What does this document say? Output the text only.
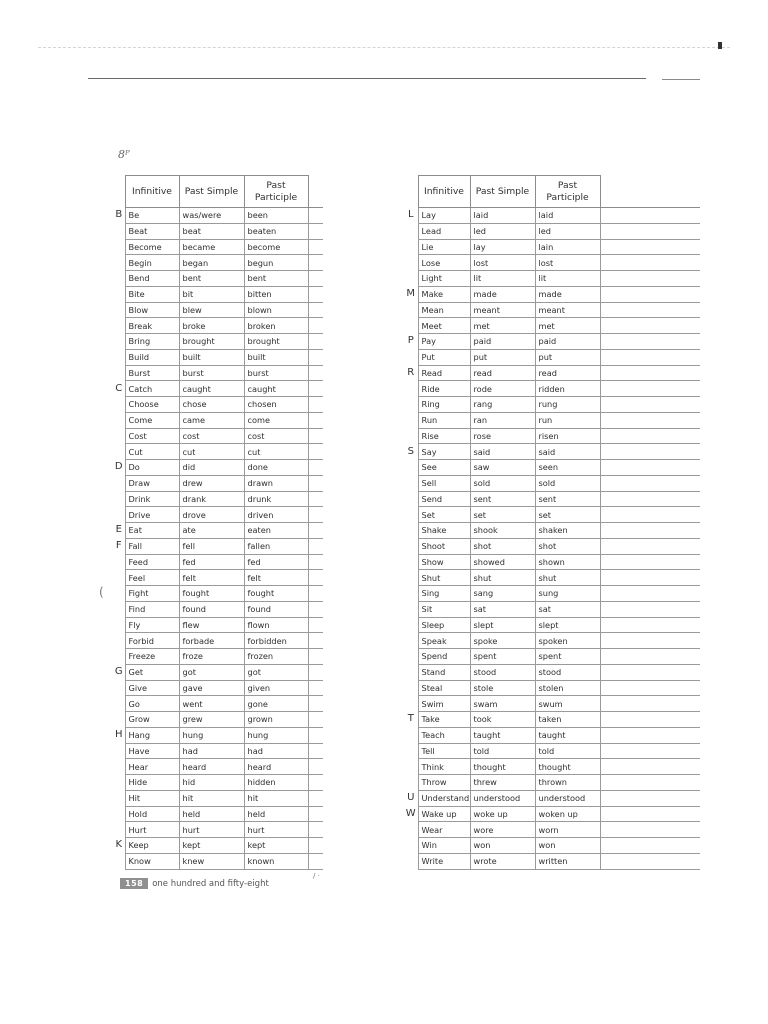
8ᴾ
(
	Infinitive	Past Simple	Past Participle	
B	Be	was/were	been	
	Beat	beat	beaten	
	Become	became	become	
	Begin	began	begun	
	Bend	bent	bent	
	Bite	bit	bitten	
	Blow	blew	blown	
	Break	broke	broken	
	Bring	brought	brought	
	Build	built	built	
	Burst	burst	burst	
C	Catch	caught	caught	
	Choose	chose	chosen	
	Come	came	come	
	Cost	cost	cost	
	Cut	cut	cut	
D	Do	did	done	
	Draw	drew	drawn	
	Drink	drank	drunk	
	Drive	drove	driven	
E	Eat	ate	eaten	
F	Fall	fell	fallen	
	Feed	fed	fed	
	Feel	felt	felt	
	Fight	fought	fought	
	Find	found	found	
	Fly	flew	flown	
	Forbid	forbade	forbidden	
	Freeze	froze	frozen	
G	Get	got	got	
	Give	gave	given	
	Go	went	gone	
	Grow	grew	grown	
H	Hang	hung	hung	
	Have	had	had	
	Hear	heard	heard	
	Hide	hid	hidden	
	Hit	hit	hit	
	Hold	held	held	
	Hurt	hurt	hurt	
K	Keep	kept	kept	
	Know	knew	known	
	Infinitive	Past Simple	Past Participle	
L	Lay	laid	laid	
	Lead	led	led	
	Lie	lay	lain	
	Lose	lost	lost	
	Light	lit	lit	
M	Make	made	made	
	Mean	meant	meant	
	Meet	met	met	
P	Pay	paid	paid	
	Put	put	put	
R	Read	read	read	
	Ride	rode	ridden	
	Ring	rang	rung	
	Run	ran	run	
	Rise	rose	risen	
S	Say	said	said	
	See	saw	seen	
	Sell	sold	sold	
	Send	sent	sent	
	Set	set	set	
	Shake	shook	shaken	
	Shoot	shot	shot	
	Show	showed	shown	
	Shut	shut	shut	
	Sing	sang	sung	
	Sit	sat	sat	
	Sleep	slept	slept	
	Speak	spoke	spoken	
	Spend	spent	spent	
	Stand	stood	stood	
	Steal	stole	stolen	
	Swim	swam	swum	
T	Take	took	taken	
	Teach	taught	taught	
	Tell	told	told	
	Think	thought	thought	
	Throw	threw	thrown	
U	Understand	understood	understood	
W	Wake up	woke up	woken up	
	Wear	wore	worn	
	Win	won	won	
	Write	wrote	written	
158	one hundred and fifty-eight
/ ·
